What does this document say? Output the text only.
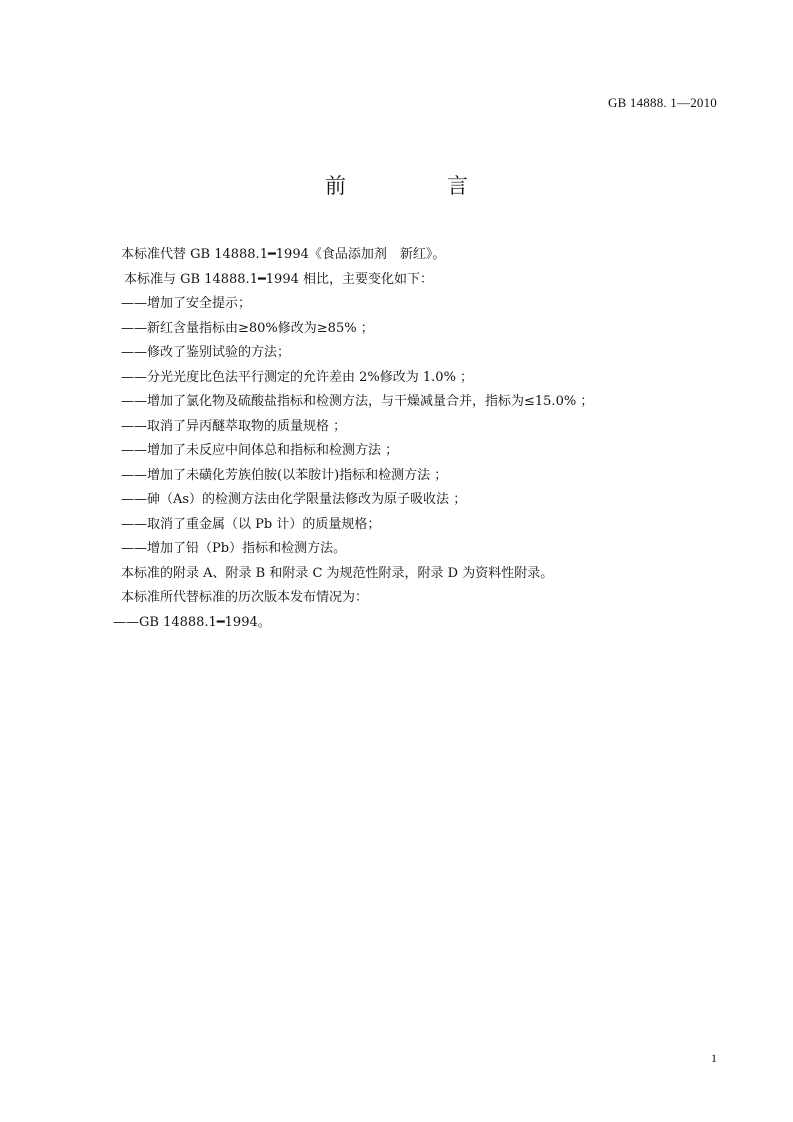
GB 14888. 1—2010
前　言
本标准代替 GB 14888.1━1994《食品添加剂　新红》。
本标准与 GB 14888.1━1994 相比，主要变化如下：
——增加了安全提示；
——新红含量指标由≥80%修改为≥85% ；
——修改了鉴别试验的方法；
——分光光度比色法平行测定的允许差由 2%修改为 1.0% ；
——增加了氯化物及硫酸盐指标和检测方法，与干燥减量合并，指标为≤15.0% ；
——取消了异丙醚萃取物的质量规格 ；
——增加了未反应中间体总和指标和检测方法 ；
——增加了未磺化芳族伯胺(以苯胺计)指标和检测方法 ；
——砷（As）的检测方法由化学限量法修改为原子吸收法 ；
——取消了重金属（以 Pb 计）的质量规格；
——增加了铅（Pb）指标和检测方法。
本标准的附录 A、附录 B 和附录 C 为规范性附录，附录 D 为资料性附录。
本标准所代替标准的历次版本发布情况为：
——GB 14888.1━1994。
1
